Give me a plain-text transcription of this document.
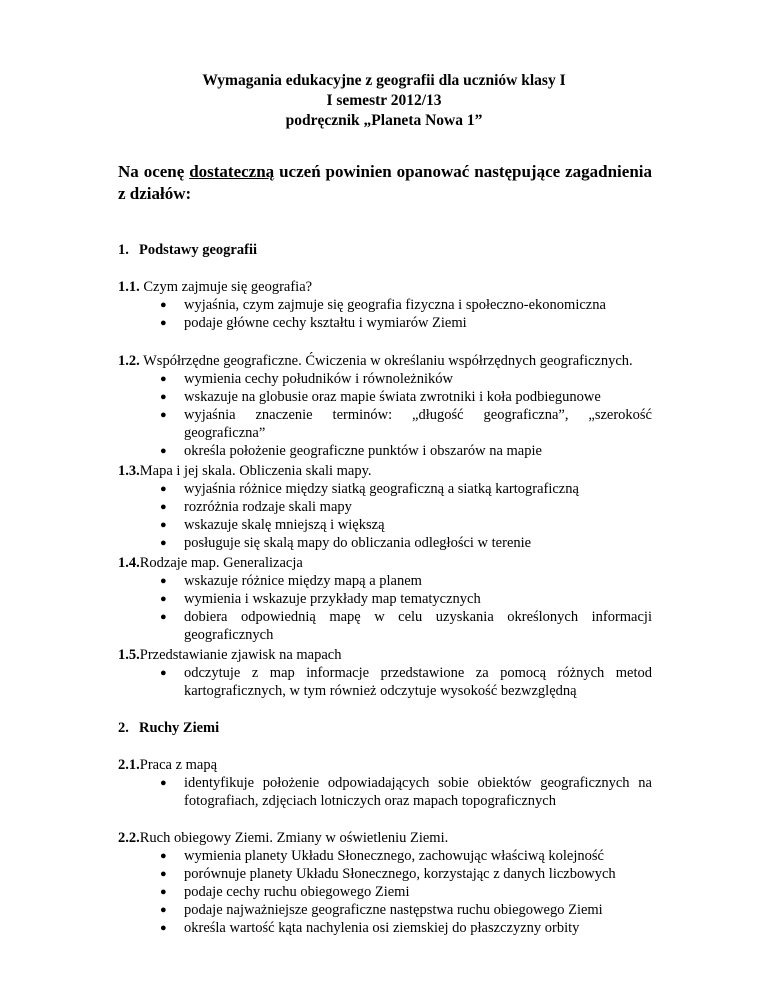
Wymagania edukacyjne z geografii dla uczniów klasy I
I semestr 2012/13
podręcznik „Planeta Nowa 1”
Na ocenę dostateczną uczeń powinien opanować następujące zagadnienia z działów:
1. Podstawy geografii
1.1. Czym zajmuje się geografia?
● wyjaśnia, czym zajmuje się geografia fizyczna i społeczno-ekonomiczna
● podaje główne cechy kształtu i wymiarów Ziemi
1.2. Współrzędne geograficzne. Ćwiczenia w określaniu współrzędnych geograficznych.
● wymienia cechy południków i równoleżników
● wskazuje na globusie oraz mapie świata zwrotniki i koła podbiegunowe
● wyjaśnia znaczenie terminów: „długość geograficzna”, „szerokość geograficzna”
● określa położenie geograficzne punktów i obszarów na mapie
1.3.Mapa i jej skala. Obliczenia skali mapy.
● wyjaśnia różnice między siatką geograficzną a siatką kartograficzną
● rozróżnia rodzaje skali mapy
● wskazuje skalę mniejszą i większą
● posługuje się skalą mapy do obliczania odległości w terenie
1.4.Rodzaje map. Generalizacja
● wskazuje różnice między mapą a planem
● wymienia i wskazuje przykłady map tematycznych
● dobiera odpowiednią mapę w celu uzyskania określonych informacji geograficznych
1.5.Przedstawianie zjawisk na mapach
● odczytuje z map informacje przedstawione za pomocą różnych metod kartograficznych, w tym również odczytuje wysokość bezwzględną
2. Ruchy Ziemi
2.1.Praca z mapą
● identyfikuje położenie odpowiadających sobie obiektów geograficznych na fotografiach, zdjęciach lotniczych oraz mapach topograficznych
2.2.Ruch obiegowy Ziemi. Zmiany w oświetleniu Ziemi.
● wymienia planety Układu Słonecznego, zachowując właściwą kolejność
● porównuje planety Układu Słonecznego, korzystając z danych liczbowych
● podaje cechy ruchu obiegowego Ziemi
● podaje najważniejsze geograficzne następstwa ruchu obiegowego Ziemi
● określa wartość kąta nachylenia osi ziemskiej do płaszczyzny orbity
